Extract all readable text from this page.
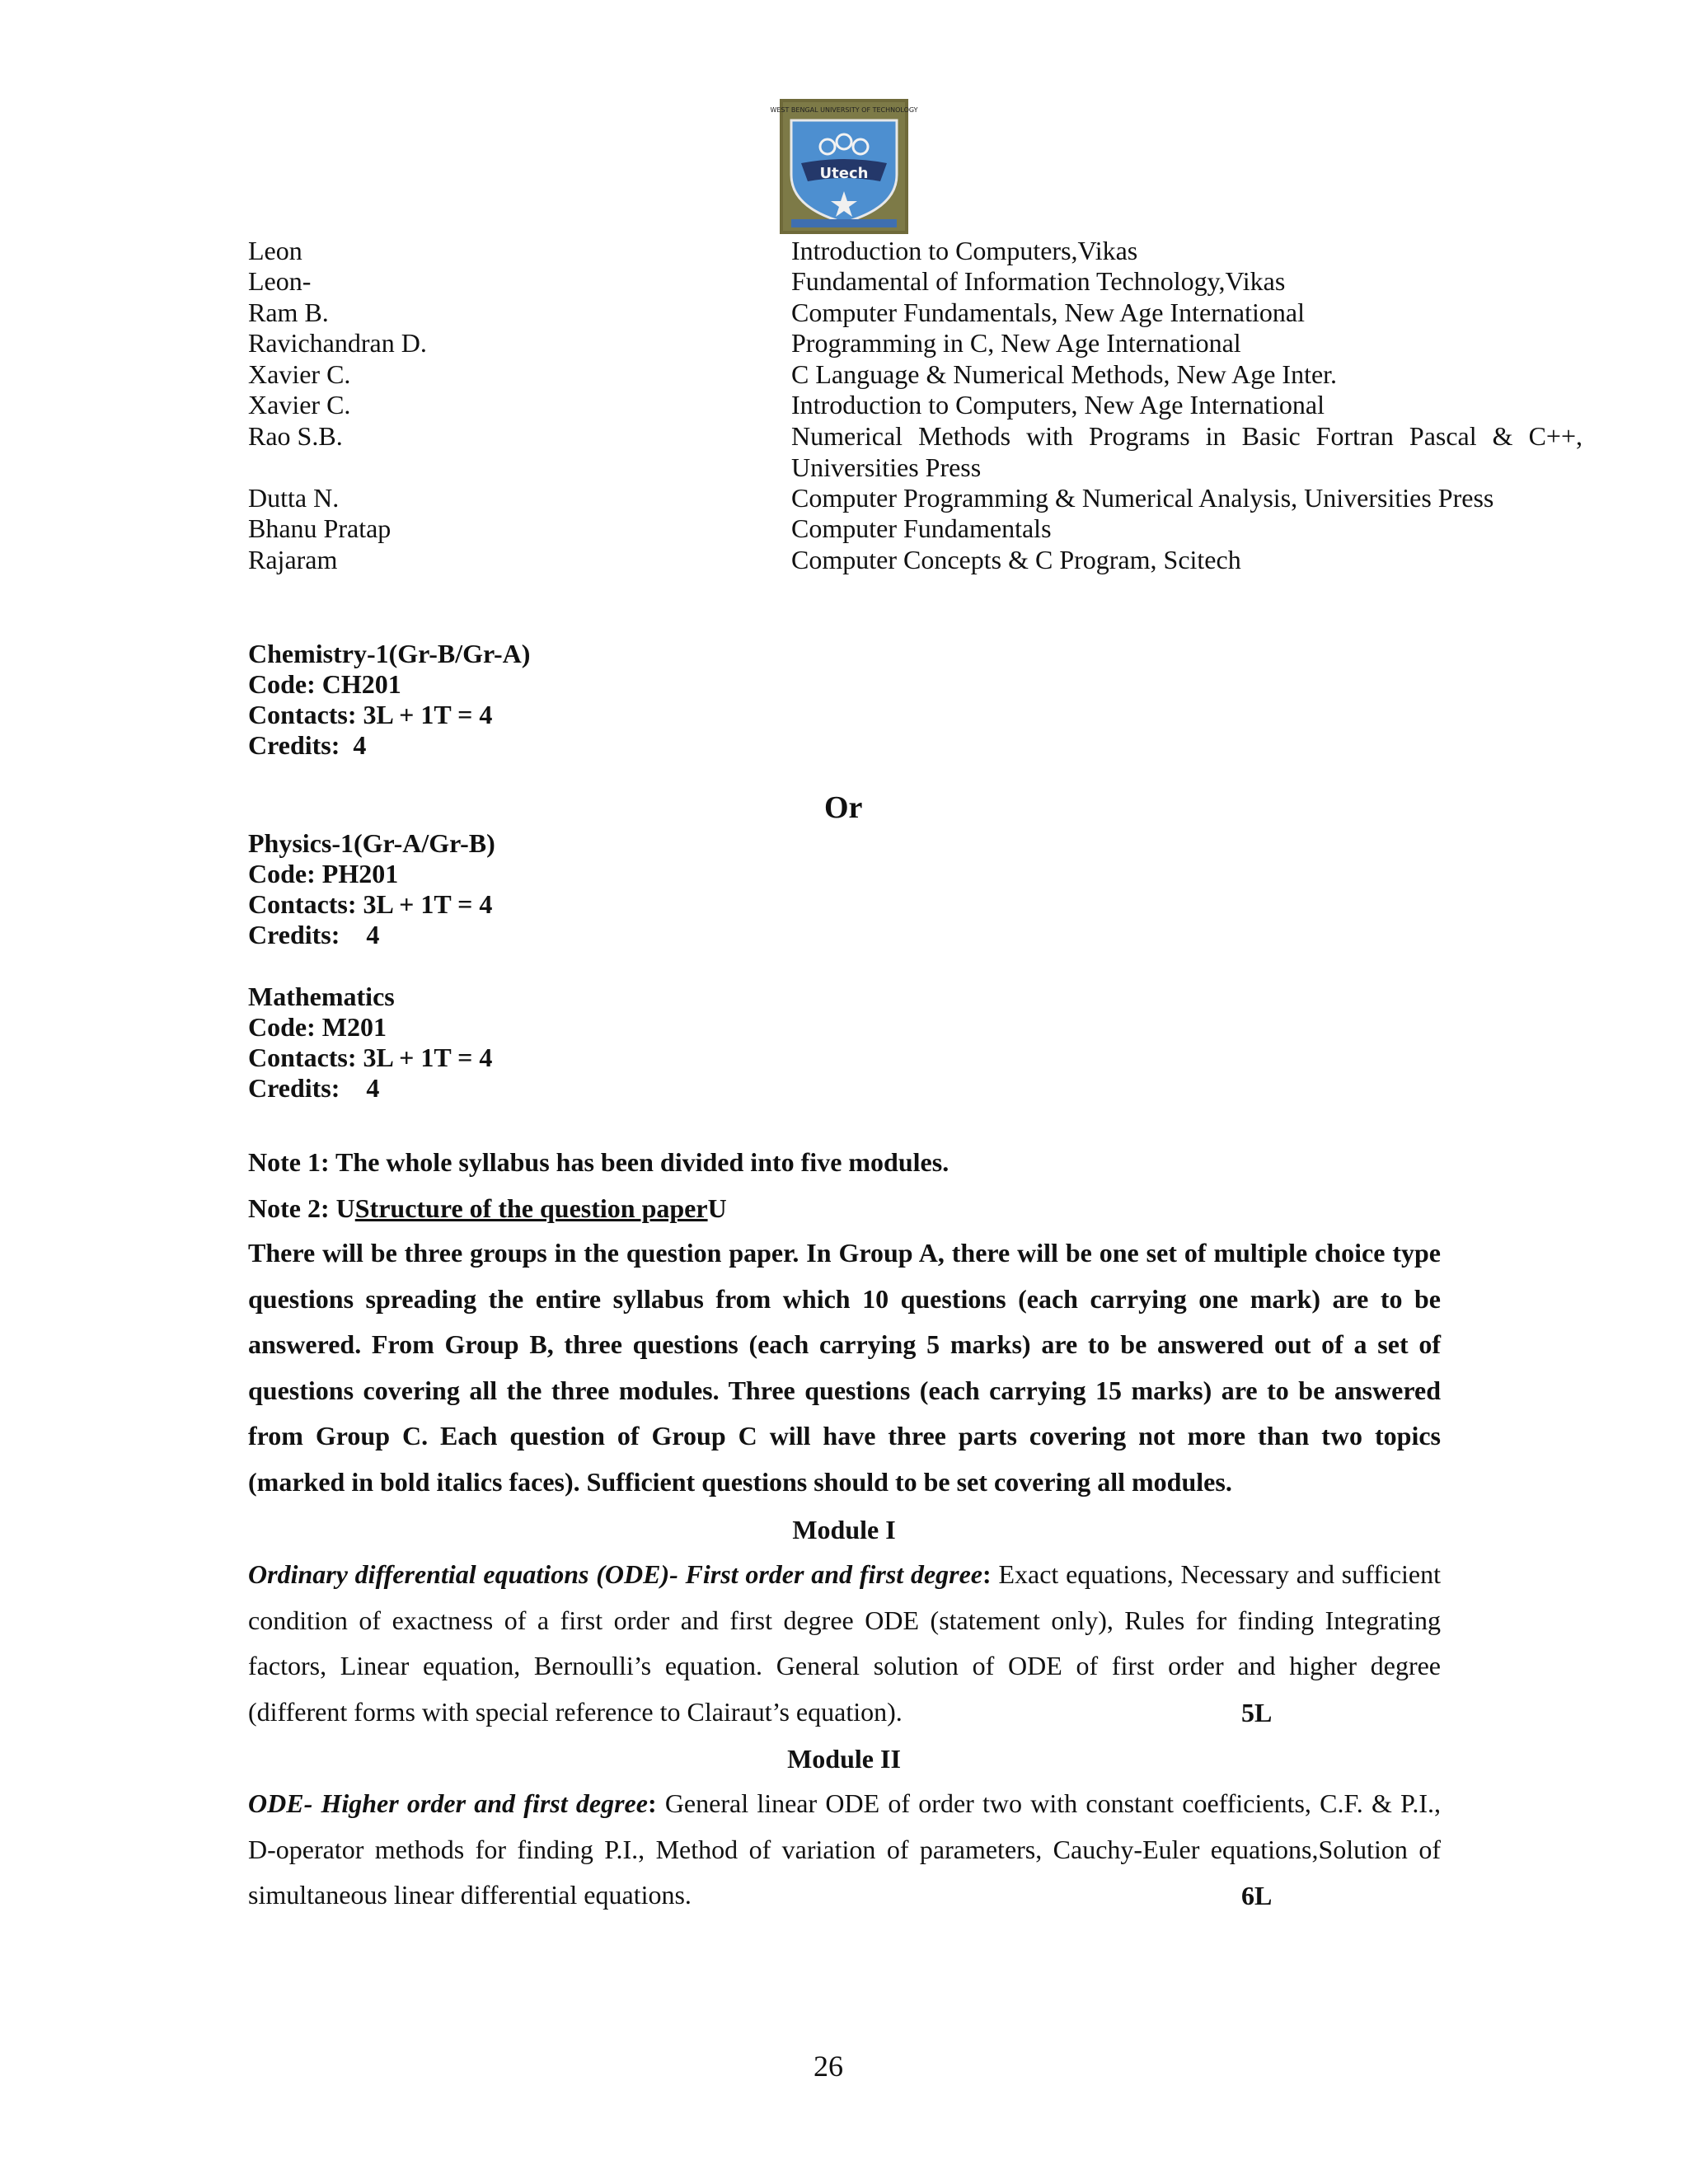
WEST BENGAL UNIVERSITY OF TECHNOLOGY
Utech
Leon	Introduction to Computers,Vikas
Leon-	Fundamental of Information Technology,Vikas
Ram B.	Computer Fundamentals, New Age International
Ravichandran D.	Programming in C, New Age International
Xavier C.	C Language & Numerical Methods, New Age Inter.
Xavier C.	Introduction to Computers, New Age International
Rao S.B.	Numerical Methods with Programs in Basic Fortran Pascal & C++, Universities Press
Dutta N.	Computer Programming & Numerical Analysis, Universities Press
Bhanu Pratap	Computer Fundamentals
Rajaram	Computer Concepts & C Program, Scitech
Chemistry-1(Gr-B/Gr-A)
Code: CH201
Contacts: 3L + 1T = 4
Credits:  4
Or
Physics-1(Gr-A/Gr-B)
Code: PH201
Contacts: 3L + 1T = 4
Credits:    4
Mathematics
Code: M201
Contacts: 3L + 1T = 4
Credits:    4
Note 1: The whole syllabus has been divided into five modules.
Note 2: UStructure of the question paperU
There will be three groups in the question paper. In Group A, there will be one set of multiple choice type questions spreading the entire syllabus from which 10 questions (each carrying one mark) are to be answered. From Group B, three questions (each carrying 5 marks) are to be answered out of a set of questions covering all the three modules. Three questions (each carrying 15 marks) are to be answered from Group C. Each question of Group C will have three parts covering not more than two topics (marked in bold italics faces). Sufficient questions should to be set covering all modules.
Module I
Ordinary differential equations (ODE)- First order and first degree: Exact equations, Necessary and sufficient condition of exactness of a first order and first degree ODE (statement only), Rules for finding Integrating factors, Linear equation, Bernoulli’s equation. General solution of ODE of first order and higher degree (different forms with special reference to Clairaut’s equation).	5L
Module II
ODE- Higher order and first degree: General linear ODE of order two with constant coefficients, C.F. & P.I., D-operator methods for finding P.I., Method of variation of parameters, Cauchy-Euler equations,Solution of simultaneous linear differential equations.	6L
26
